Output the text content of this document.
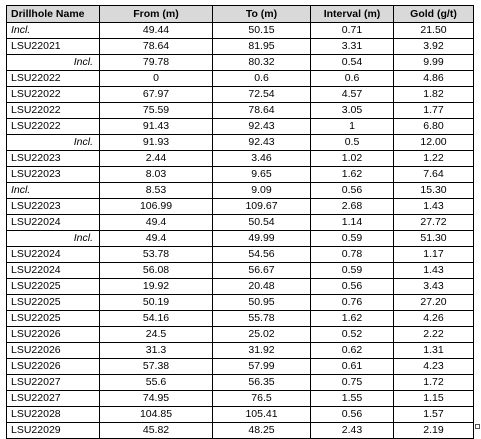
Drillhole Name	From (m)	To (m)	Interval (m)	Gold (g/t)
Incl.	49.44	50.15	0.71	21.50
LSU22021	78.64	81.95	3.31	3.92
Incl.	79.78	80.32	0.54	9.99
LSU22022	0	0.6	0.6	4.86
LSU22022	67.97	72.54	4.57	1.82
LSU22022	75.59	78.64	3.05	1.77
LSU22022	91.43	92.43	1	6.80
Incl.	91.93	92.43	0.5	12.00
LSU22023	2.44	3.46	1.02	1.22
LSU22023	8.03	9.65	1.62	7.64
Incl.	8.53	9.09	0.56	15.30
LSU22023	106.99	109.67	2.68	1.43
LSU22024	49.4	50.54	1.14	27.72
Incl.	49.4	49.99	0.59	51.30
LSU22024	53.78	54.56	0.78	1.17
LSU22024	56.08	56.67	0.59	1.43
LSU22025	19.92	20.48	0.56	3.43
LSU22025	50.19	50.95	0.76	27.20
LSU22025	54.16	55.78	1.62	4.26
LSU22026	24.5	25.02	0.52	2.22
LSU22026	31.3	31.92	0.62	1.31
LSU22026	57.38	57.99	0.61	4.23
LSU22027	55.6	56.35	0.75	1.72
LSU22027	74.95	76.5	1.55	1.15
LSU22028	104.85	105.41	0.56	1.57
LSU22029	45.82	48.25	2.43	2.19
